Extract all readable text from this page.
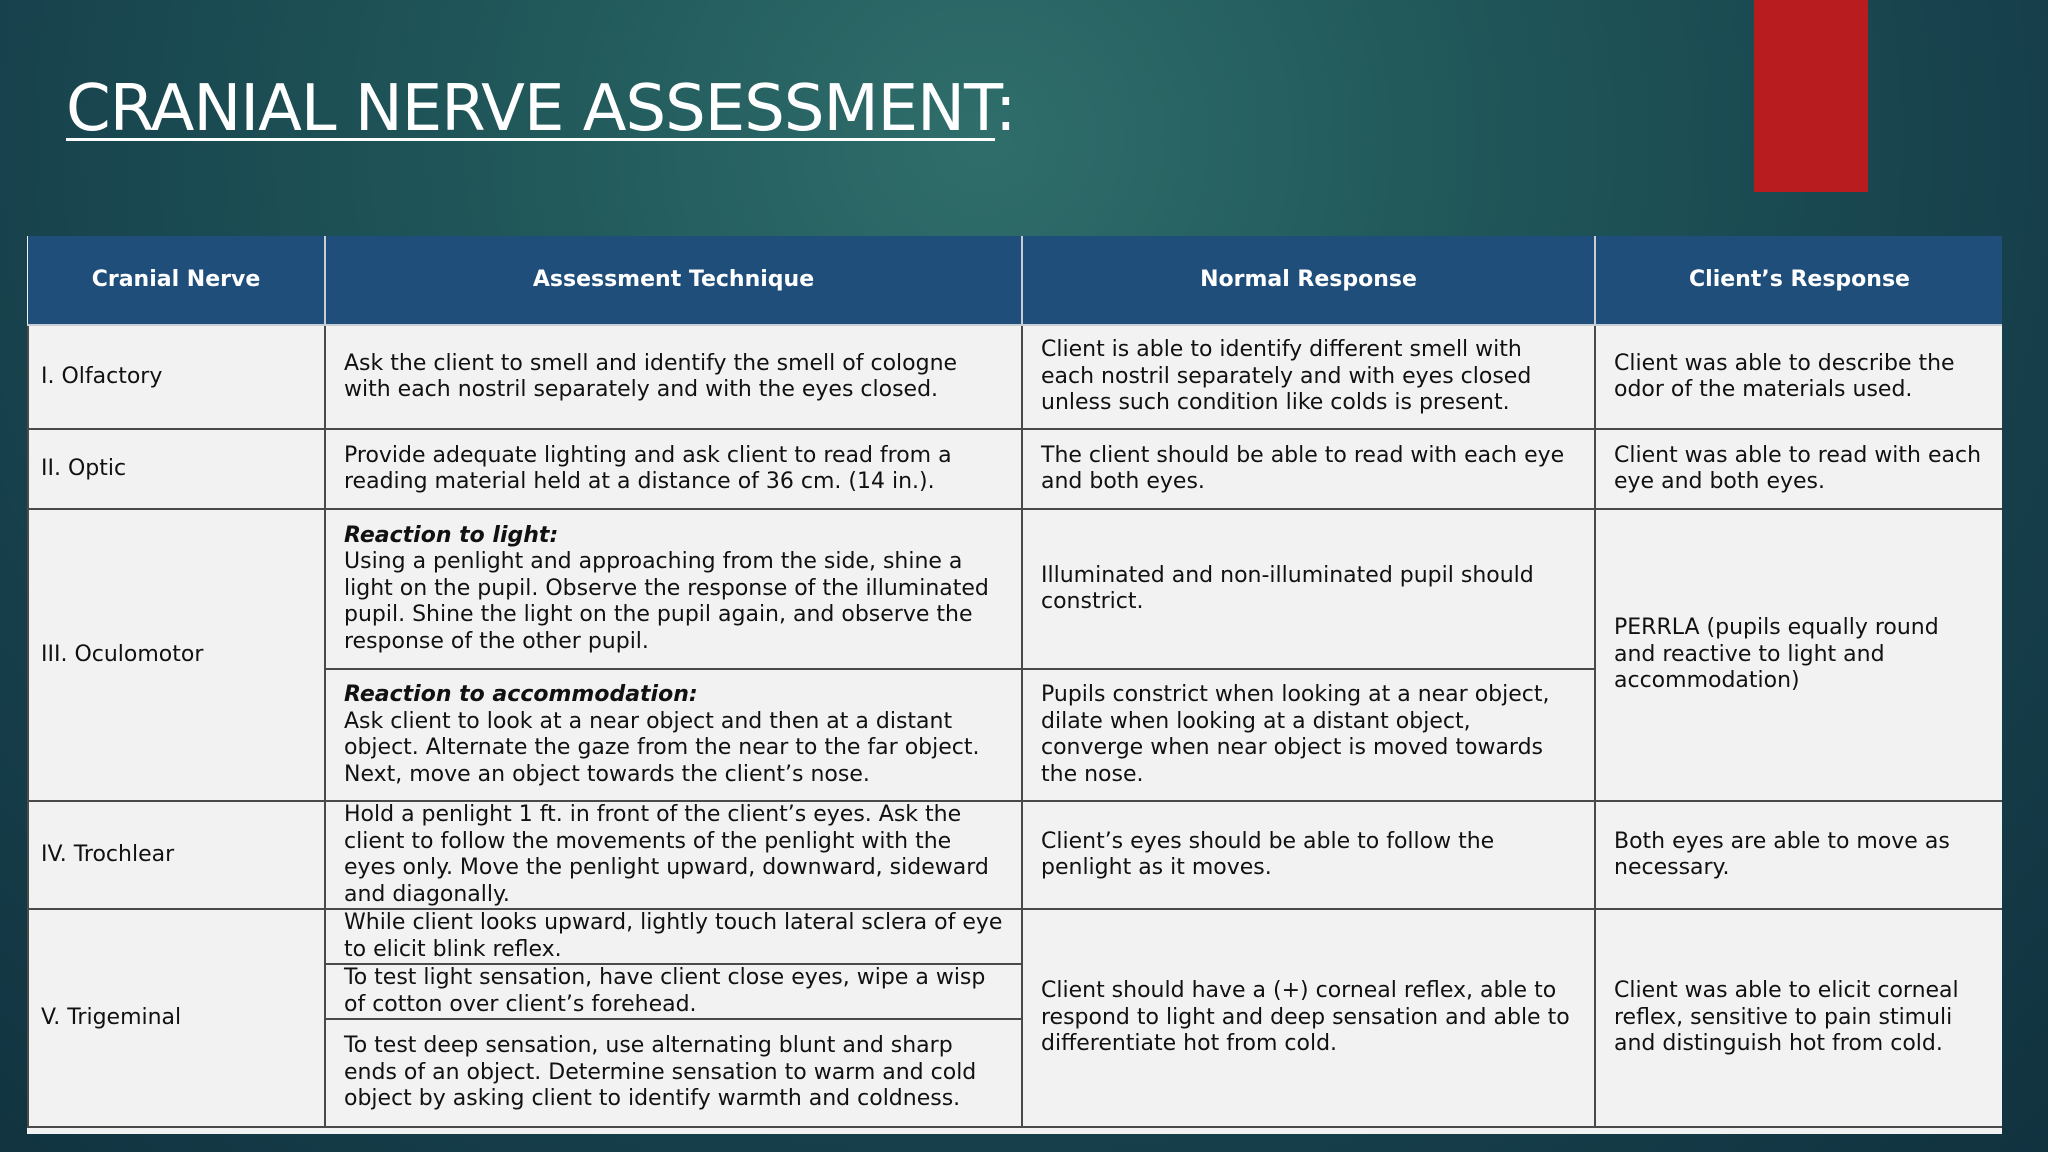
CRANIAL NERVE ASSESSMENT:
Cranial Nerve	Assessment Technique	Normal Response	Client’s Response
I. Olfactory	Ask the client to smell and identify the smell of cologne with each nostril separately and with the eyes closed.	Client is able to identify different smell with each nostril separately and with eyes closed unless such condition like colds is present.	Client was able to describe the odor of the materials used.
II. Optic	Provide adequate lighting and ask client to read from a reading material held at a distance of 36 cm. (14 in.).	The client should be able to read with each eye and both eyes.	Client was able to read with each eye and both eyes.
III. Oculomotor	Reaction to light:
Using a penlight and approaching from the side, shine a light on the pupil. Observe the response of the illuminated pupil. Shine the light on the pupil again, and observe the response of the other pupil.	Illuminated and non-illuminated pupil should constrict.	PERRLA (pupils equally round and reactive to light and accommodation)

	Reaction to accommodation:
Ask client to look at a near object and then at a distant object. Alternate the gaze from the near to the far object. Next, move an object towards the client’s nose.	Pupils constrict when looking at a near object, dilate when looking at a distant object, converge when near object is moved towards the nose.	
IV. Trochlear	Hold a penlight 1 ft. in front of the client’s eyes. Ask the client to follow the movements of the penlight with the eyes only. Move the penlight upward, downward, sideward and diagonally.	Client’s eyes should be able to follow the penlight as it moves.	Both eyes are able to move as necessary.
V. Trigeminal	While client looks upward, lightly touch lateral sclera of eye to elicit blink reflex.	Client should have a (+) corneal reflex, able to respond to light and deep sensation and able to differentiate hot from cold.	Client was able to elicit corneal reflex, sensitive to pain stimuli and distinguish hot from cold.
	To test light sensation, have client close eyes, wipe a wisp of cotton over client’s forehead.		
	To test deep sensation, use alternating blunt and sharp ends of an object. Determine sensation to warm and cold object by asking client to identify warmth and coldness.		
